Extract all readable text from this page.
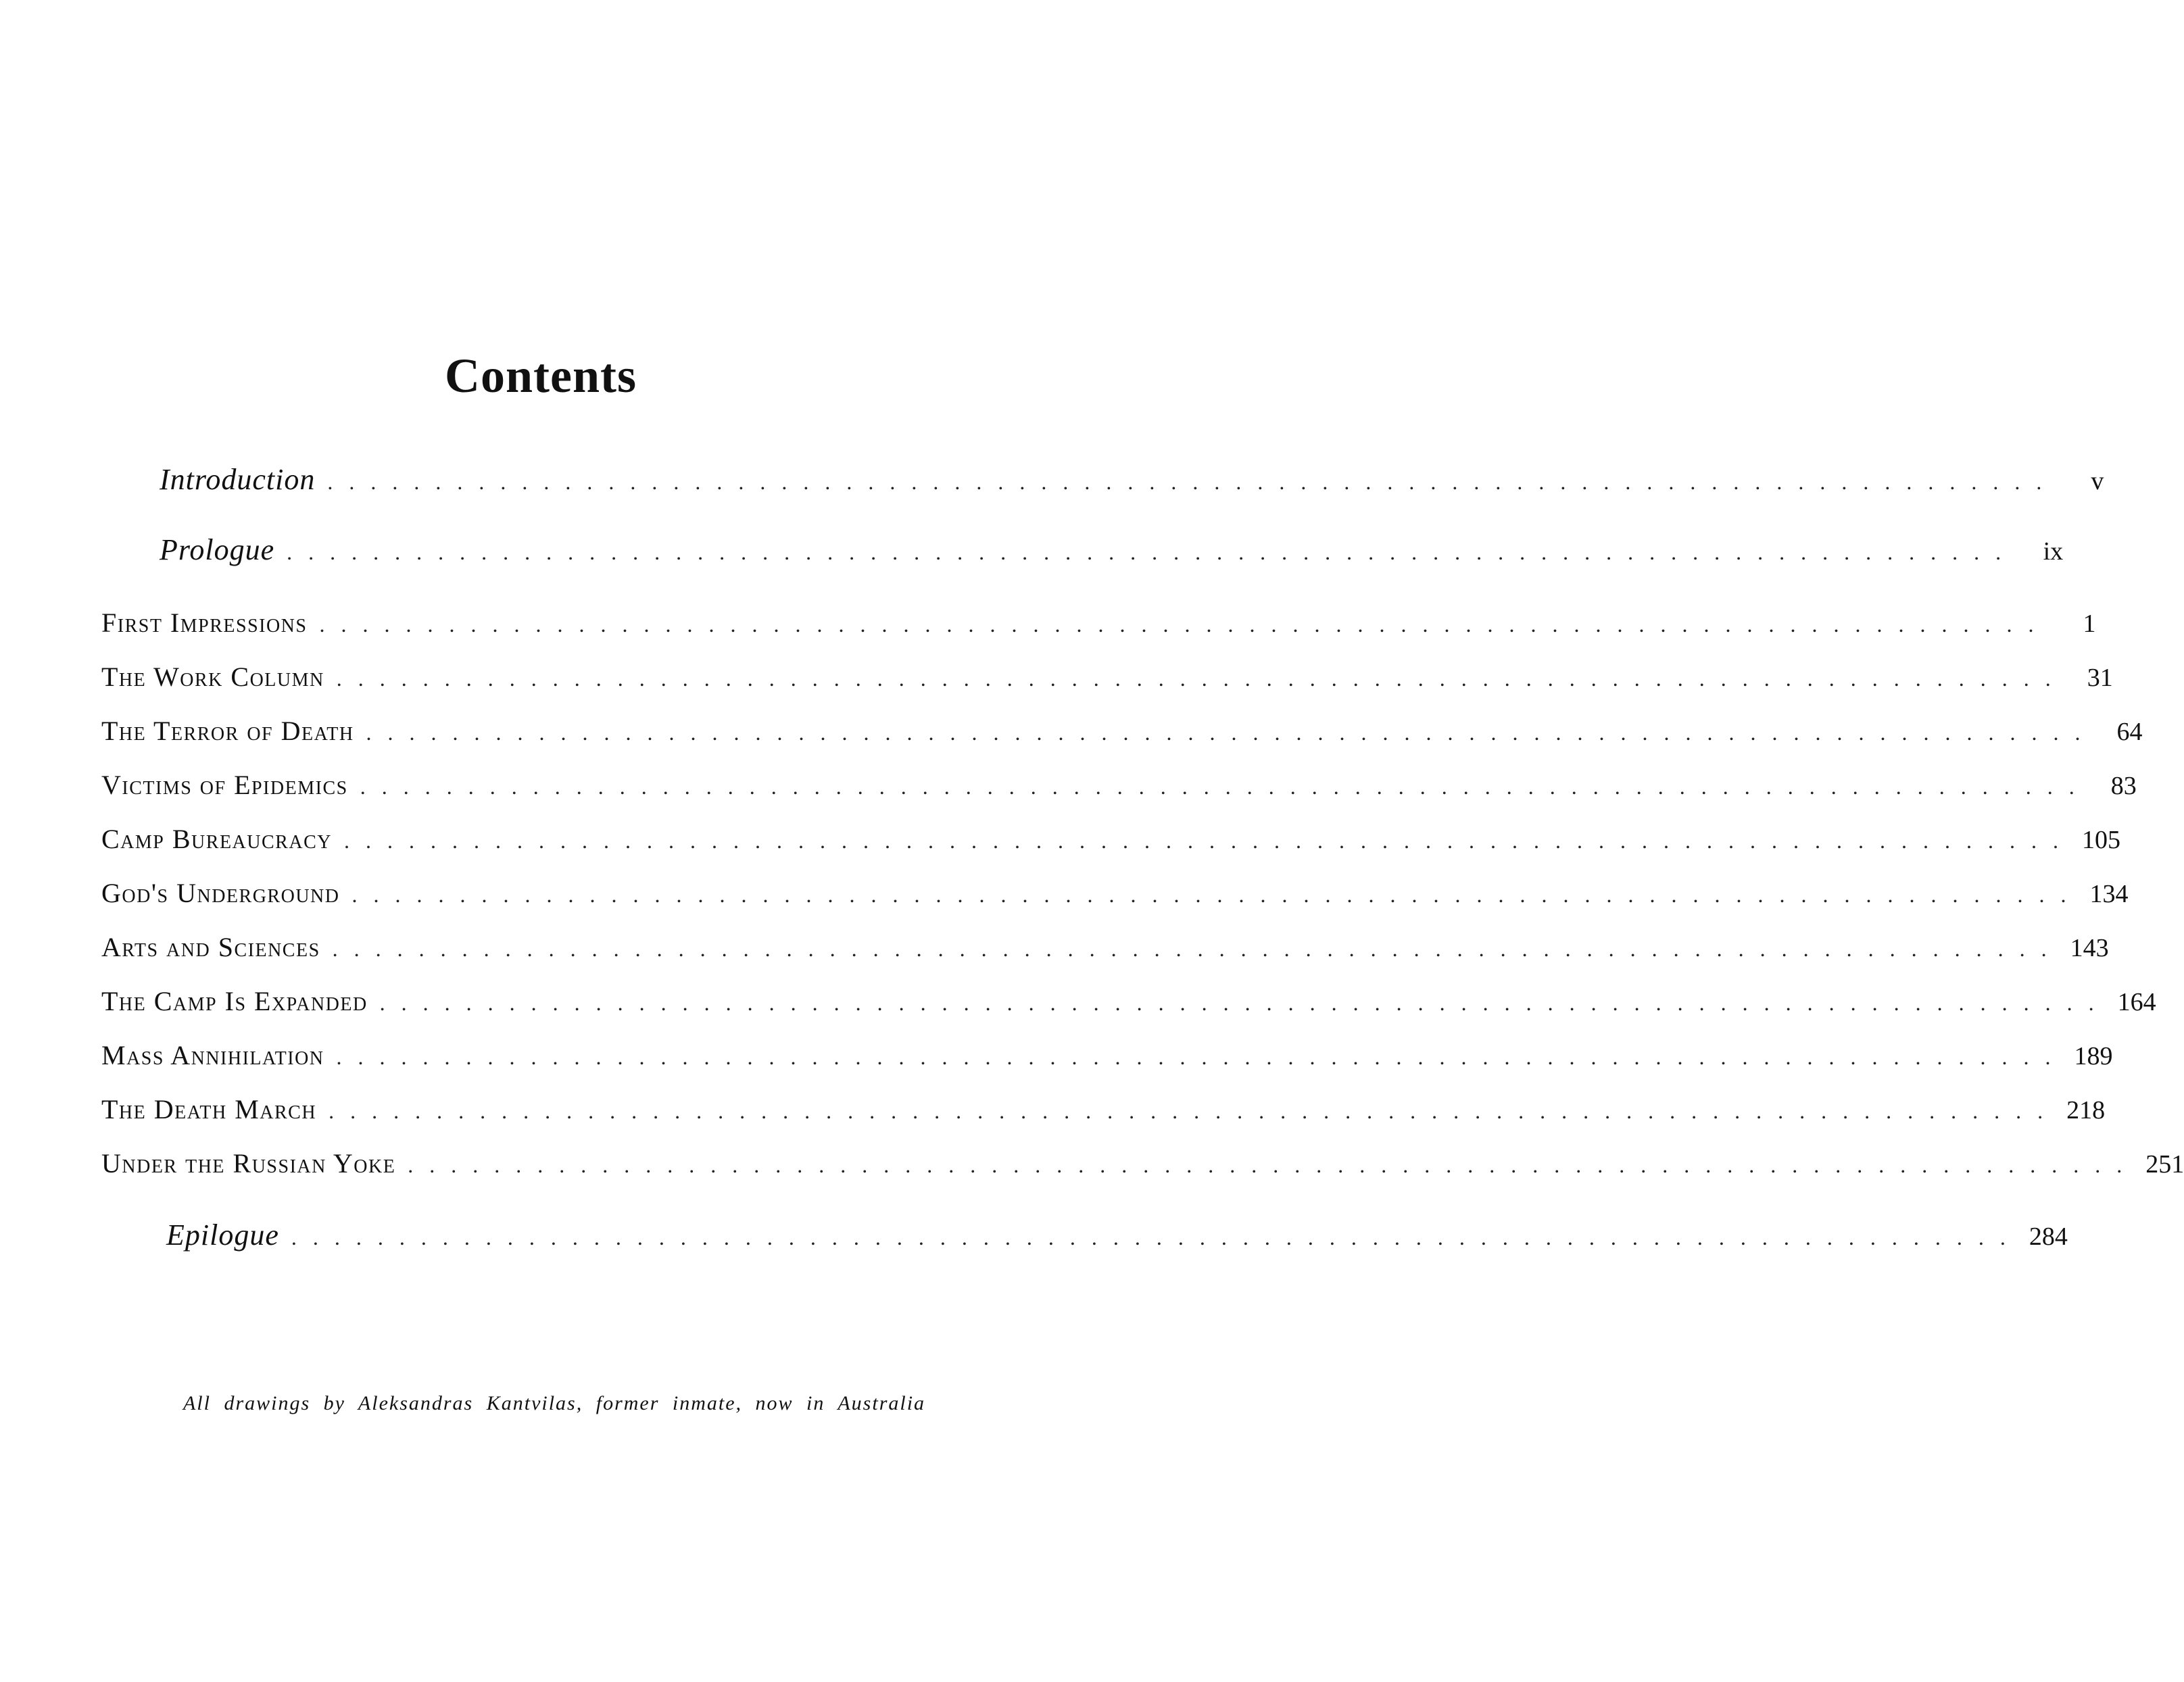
Contents
Introduction . . . . . . . . . . . . . . . . . . . . . . . . . . . . . . . . . . . . . . . . . . . . . . . . . . . . . . . . . . . . . . . . . . . . . . . . . . . . . . . .	v
Prologue . . . . . . . . . . . . . . . . . . . . . . . . . . . . . . . . . . . . . . . . . . . . . . . . . . . . . . . . . . . . . . . . . . . . . . . . . . . . . . . .	ix
First Impressions . . . . . . . . . . . . . . . . . . . . . . . . . . . . . . . . . . . . . . . . . . . . . . . . . . . . . . . . . . . . . . . . . . . . . . . . . . . . . . . .	1
The Work Column . . . . . . . . . . . . . . . . . . . . . . . . . . . . . . . . . . . . . . . . . . . . . . . . . . . . . . . . . . . . . . . . . . . . . . . . . . . . . . . .	31
The Terror of Death . . . . . . . . . . . . . . . . . . . . . . . . . . . . . . . . . . . . . . . . . . . . . . . . . . . . . . . . . . . . . . . . . . . . . . . . . . . . . . . .	64
Victims of Epidemics . . . . . . . . . . . . . . . . . . . . . . . . . . . . . . . . . . . . . . . . . . . . . . . . . . . . . . . . . . . . . . . . . . . . . . . . . . . . . . . .	83
Camp Bureaucracy . . . . . . . . . . . . . . . . . . . . . . . . . . . . . . . . . . . . . . . . . . . . . . . . . . . . . . . . . . . . . . . . . . . . . . . . . . . . . . . . 105
God's Underground . . . . . . . . . . . . . . . . . . . . . . . . . . . . . . . . . . . . . . . . . . . . . . . . . . . . . . . . . . . . . . . . . . . . . . . . . . . . . . . . 134
Arts and Sciences . . . . . . . . . . . . . . . . . . . . . . . . . . . . . . . . . . . . . . . . . . . . . . . . . . . . . . . . . . . . . . . . . . . . . . . . . . . . . . . . 143
The Camp Is Expanded . . . . . . . . . . . . . . . . . . . . . . . . . . . . . . . . . . . . . . . . . . . . . . . . . . . . . . . . . . . . . . . . . . . . . . . . . . . . . . . . 164
Mass Annihilation . . . . . . . . . . . . . . . . . . . . . . . . . . . . . . . . . . . . . . . . . . . . . . . . . . . . . . . . . . . . . . . . . . . . . . . . . . . . . . . . 189
The Death March . . . . . . . . . . . . . . . . . . . . . . . . . . . . . . . . . . . . . . . . . . . . . . . . . . . . . . . . . . . . . . . . . . . . . . . . . . . . . . . . 218
Under the Russian Yoke . . . . . . . . . . . . . . . . . . . . . . . . . . . . . . . . . . . . . . . . . . . . . . . . . . . . . . . . . . . . . . . . . . . . . . . . . . . . . . . . 251
Epilogue . . . . . . . . . . . . . . . . . . . . . . . . . . . . . . . . . . . . . . . . . . . . . . . . . . . . . . . . . . . . . . . . . . . . . . . . . . . . . . . . 284

All drawings by Aleksandras Kantvilas, former inmate, now in Australia
